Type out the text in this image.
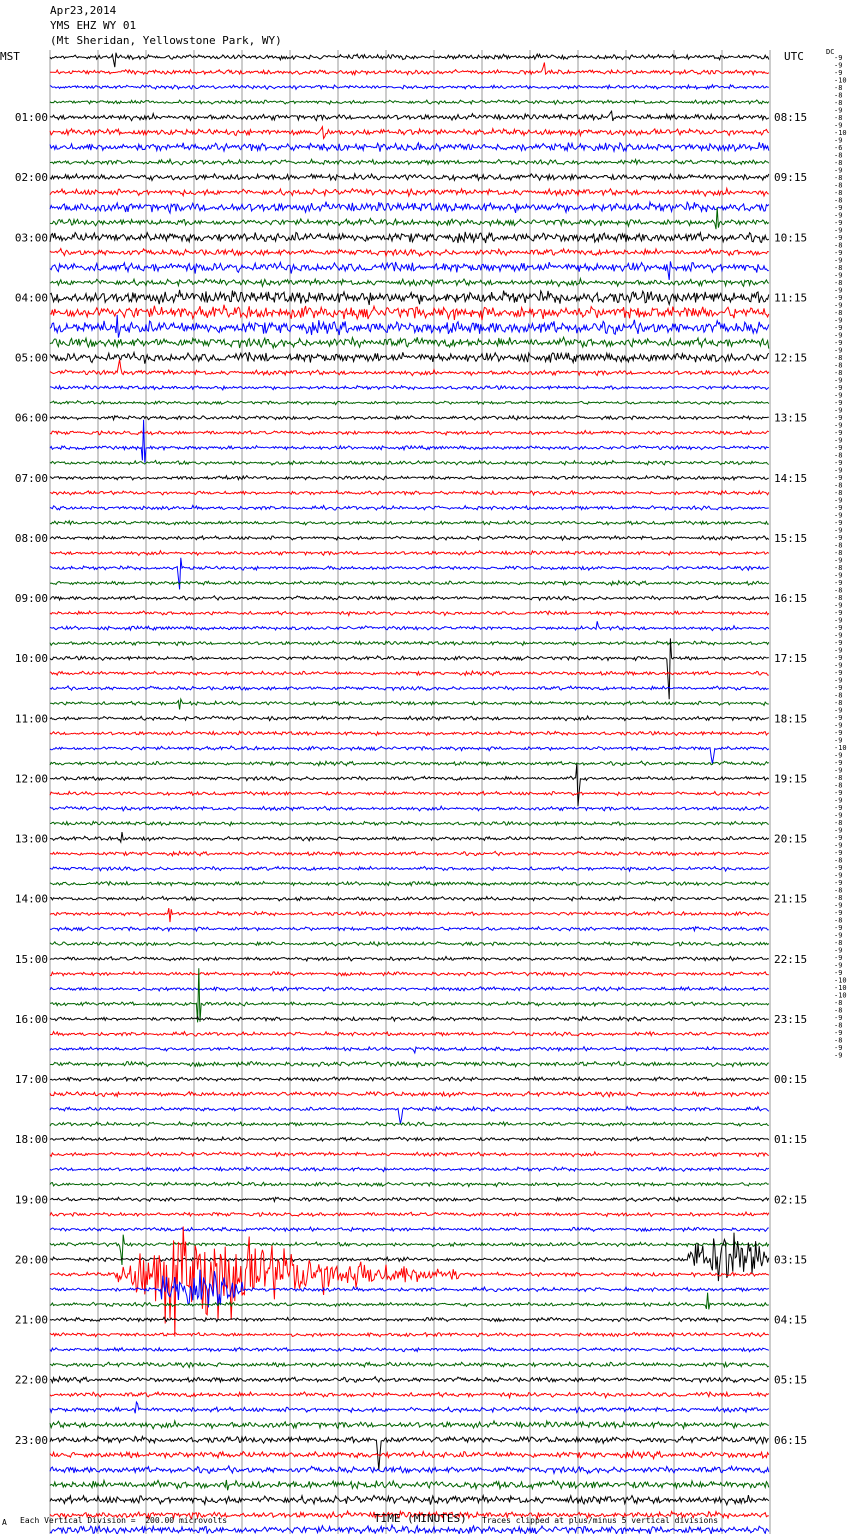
Apr23,2014
YMS EHZ WY 01
(Mt Sheridan, Yellowstone Park, WY)
MST	UTC	DC
01:00
02:00
03:00
04:00
05:00
06:00
07:00
08:00
09:00
10:00
11:00
12:00
13:00
14:00
15:00
16:00
17:00
18:00
19:00
20:00
21:00
22:00
23:00
08:15
09:15
10:15
11:15
12:15
13:15
14:15
15:15
16:15
17:15
18:15
19:15
20:15
21:15
22:15
23:15
00:15
01:15
02:15
03:15
04:15
05:15
06:15
-9
-9
-9
-10
-8
-8
-8
-9
-8
-9
-10
-9
-6
-8
-8
-9
-8
-8
-8
-8
-9
-9
-9
-9
-9
-8
-9
-9
-8
-9
-8
-9
-9
-9
-8
-9
-9
-9
-9
-9
-8
-8
-8
-9
-9
-9
-9
-9
-9
-9
-9
-9
-9
-8
-9
-9
-9
-8
-8
-9
-9
-9
-9
-9
-9
-8
-8
-9
-8
-9
-9
-8
-8
-9
-9
-9
-9
-9
-9
-9
-9
-9
-9
-9
-9
-8
-8
-9
-9
-9
-9
-9
-10
-9
-9
-9
-8
-8
-9
-9
-9
-9
-8
-9
-9
-9
-9
-8
-9
-9
-9
-8
-8
-9
-9
-8
-9
-9
-8
-9
-9
-9
-9
-10
-10
-10
-8
-8
-9
-8
-9
-8
-9
-9
TIME (MINUTES)
A Each Vertical Division =  200.00 microvolts	Traces clipped at plus/minus 5 vertical divisions
